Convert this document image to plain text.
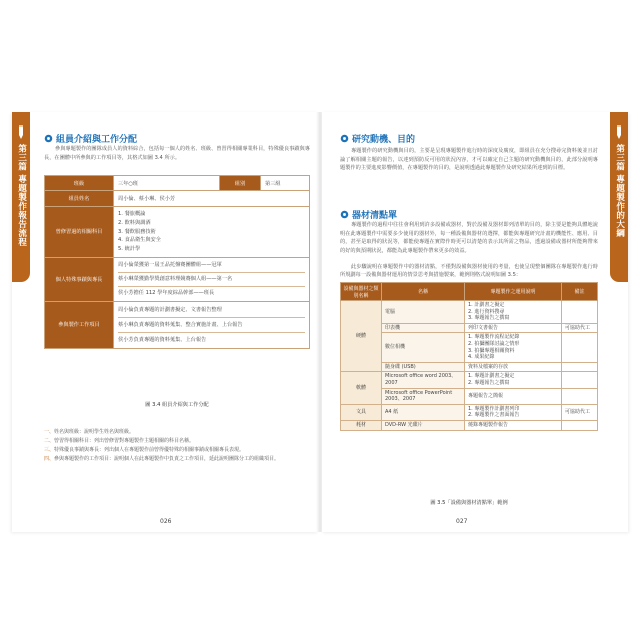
組員介紹與工作分配
參與專題製作的團隊成員人的資料綜合，包括每一個人的姓名、班級、曾習得相關專業科目，特殊優良事蹟與專長，在團體中所參與的工作項目等，其格式如圖 3.4 所示。
班級	三年○班	組別	第三組
組員姓名	周小倫、蔡小琳、侯小芳		
曾修習過的相關科目	1. 餐旅概論
2. 飲料與調酒
3. 餐飲服務技術
4. 食品衛生與安全
5. 統計學		

個人特殊事蹟與專長	周小倫榮獲第一屆王品托盤賽團體組——冠軍
蔡小琳榮獲勤學獎創意料理競賽個人組——第一名
侯小芳擔任 112 學年度綜品幹部——班長		

參與製作工作項目	周小倫負責專題的計劃書擬定、文書報告整理
蔡小琳負責專題的資料蒐集、整合實施計畫、上台報告
侯小芳負責專題的資料蒐集、上台報告		
圖 3.4 組員介紹與工作分配
一、姓名與班級：說明學生姓名與班級。
二、曾習得相關科目：列出曾修習對專題製作主題相關的科目名稱。
三、特殊優良事蹟與專長：列出個人在專題製作前曾得優特殊的相關事蹟或相關專長表現。
四、參與專題製作的工作項目：說明個人在此專題製作中負責之工作項目，延此說明團隊分工的組織項目。
026
第三篇 專題製作報告流程
研究動機、目的
專題製作的研究動機與目的，主要是呈現專題製作進行時的深度及廣度，即組員在充分搜尋完資料後並且討論了解相關主題的報告，以達到預防反可用的狀況內容，才可以確定自己主題的研究動機與目的，此部分說明專題製作的主要進度影響價值，在專題製作的目的，是說明透過此專題製作及研究結果所達到的目標。
器材清點單
專題製作的過程中往往會利用到許多設備或器材，對於設備及器材即列清單的目的，除主要是能夠具體地說明在此專題製作中需要多少使用的器材外，每一種設備與器材的選擇，都能與專題研究計畫的機能性、應用、目的，甚至是取得的狀況等，都能使專題在實際作時更可以清楚的表示其所需之物品，透過設備或器材所能夠帶來的好的與預期狀況，都能為此專題製作帶來更多的效益。
此步驟說明在專題製作中的器材清點，不僅對設備與器材使用的考量，也使呈現整個團隊在專題製作進行時所規劃每一設備與器材運用的情景思考與措施製案，範例則格式說明如圖 3.5：
設備與器材之類別名稱	名稱	專題製作之運用說明	備註
硬體	電腦	1. 計劃書之擬定
2. 進行資料搜尋
3. 專題報告之撰寫	

	印表機	列印文書報告	可協助代工
	數位相機	1. 專題製作流程記紀錄
2. 拍攝團隊討論之情形
3. 拍攝專題相關資料
4. 成果紀錄	

	隨身碟 (USB)	資料及檔案的存放	

軟體	Microsoft office word 2003、2007	1. 專題計劃書之擬定
2. 專題報告之撰寫	

	Microsoft office PowerPoint 2003、2007	專題報告之簡報	

文具	A4 紙	1. 專題製作計劃書列印
2. 專題製作之書面報告	可協助代工
耗材	DVD-RW 光碟片	燒錄專題製作報告	

圖 3.5「設備與器材清點單」範例
027
第三篇 專題製作的大綱
